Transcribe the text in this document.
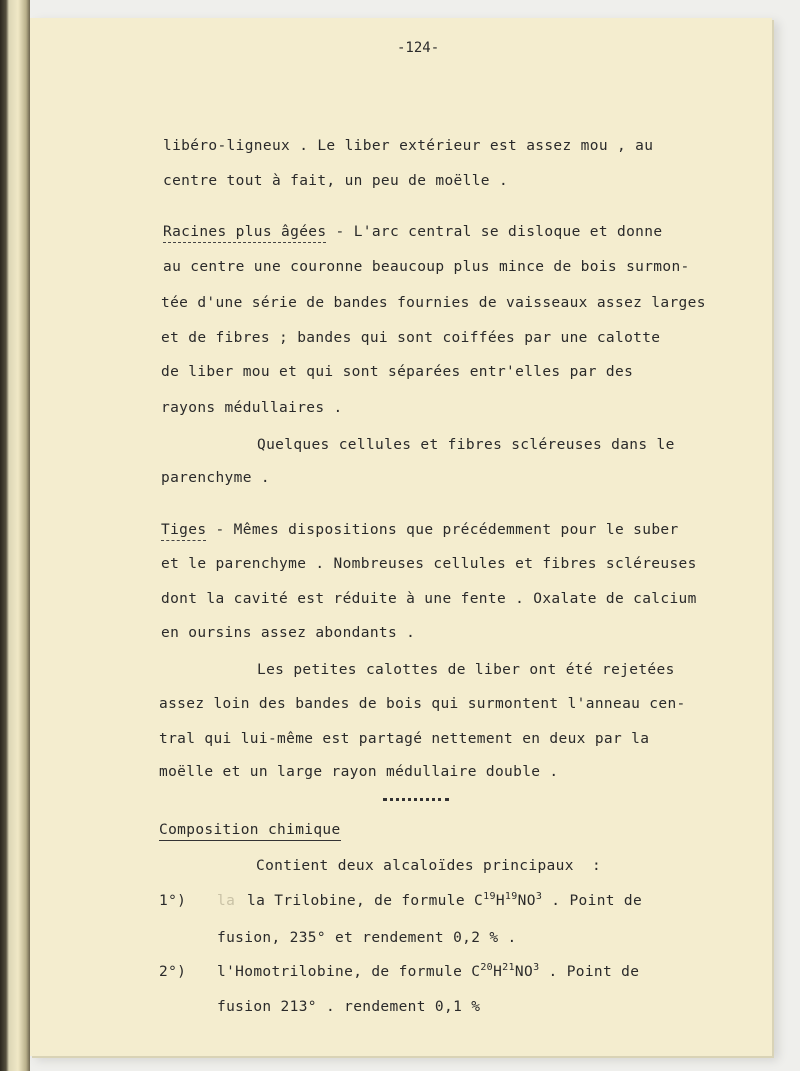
-124-
libéro-ligneux . Le liber extérieur est assez mou , au
centre tout à fait, un peu de moëlle .
Racines plus âgées - L'arc central se disloque et donne
au centre une couronne beaucoup plus mince de bois surmon-
tée d'une série de bandes fournies de vaisseaux assez larges
et de fibres ; bandes qui sont coiffées par une calotte
de liber mou et qui sont séparées entr'elles par des
rayons médullaires .
Quelques cellules et fibres scléreuses dans le
parenchyme .
Tiges - Mêmes dispositions que précédemment pour le suber
et le parenchyme . Nombreuses cellules et fibres scléreuses
dont la cavité est réduite à une fente . Oxalate de calcium
en oursins assez abondants .
Les petites calottes de liber ont été rejetées
assez loin des bandes de bois qui surmontent l'anneau cen-
tral qui lui-même est partagé nettement en deux par la
moëlle et un large rayon médullaire double .
Composition chimique
Contient deux alcaloïdes principaux  :
1°) la la Trilobine, de formule $C^{19}H^{19}NO^3$ . Point de
fusion, 235° et rendement 0,2 % .
2°) l'Homotrilobine, de formule $C^{20}H^{21}NO^3$ . Point de
fusion 213° . rendement 0,1 %
